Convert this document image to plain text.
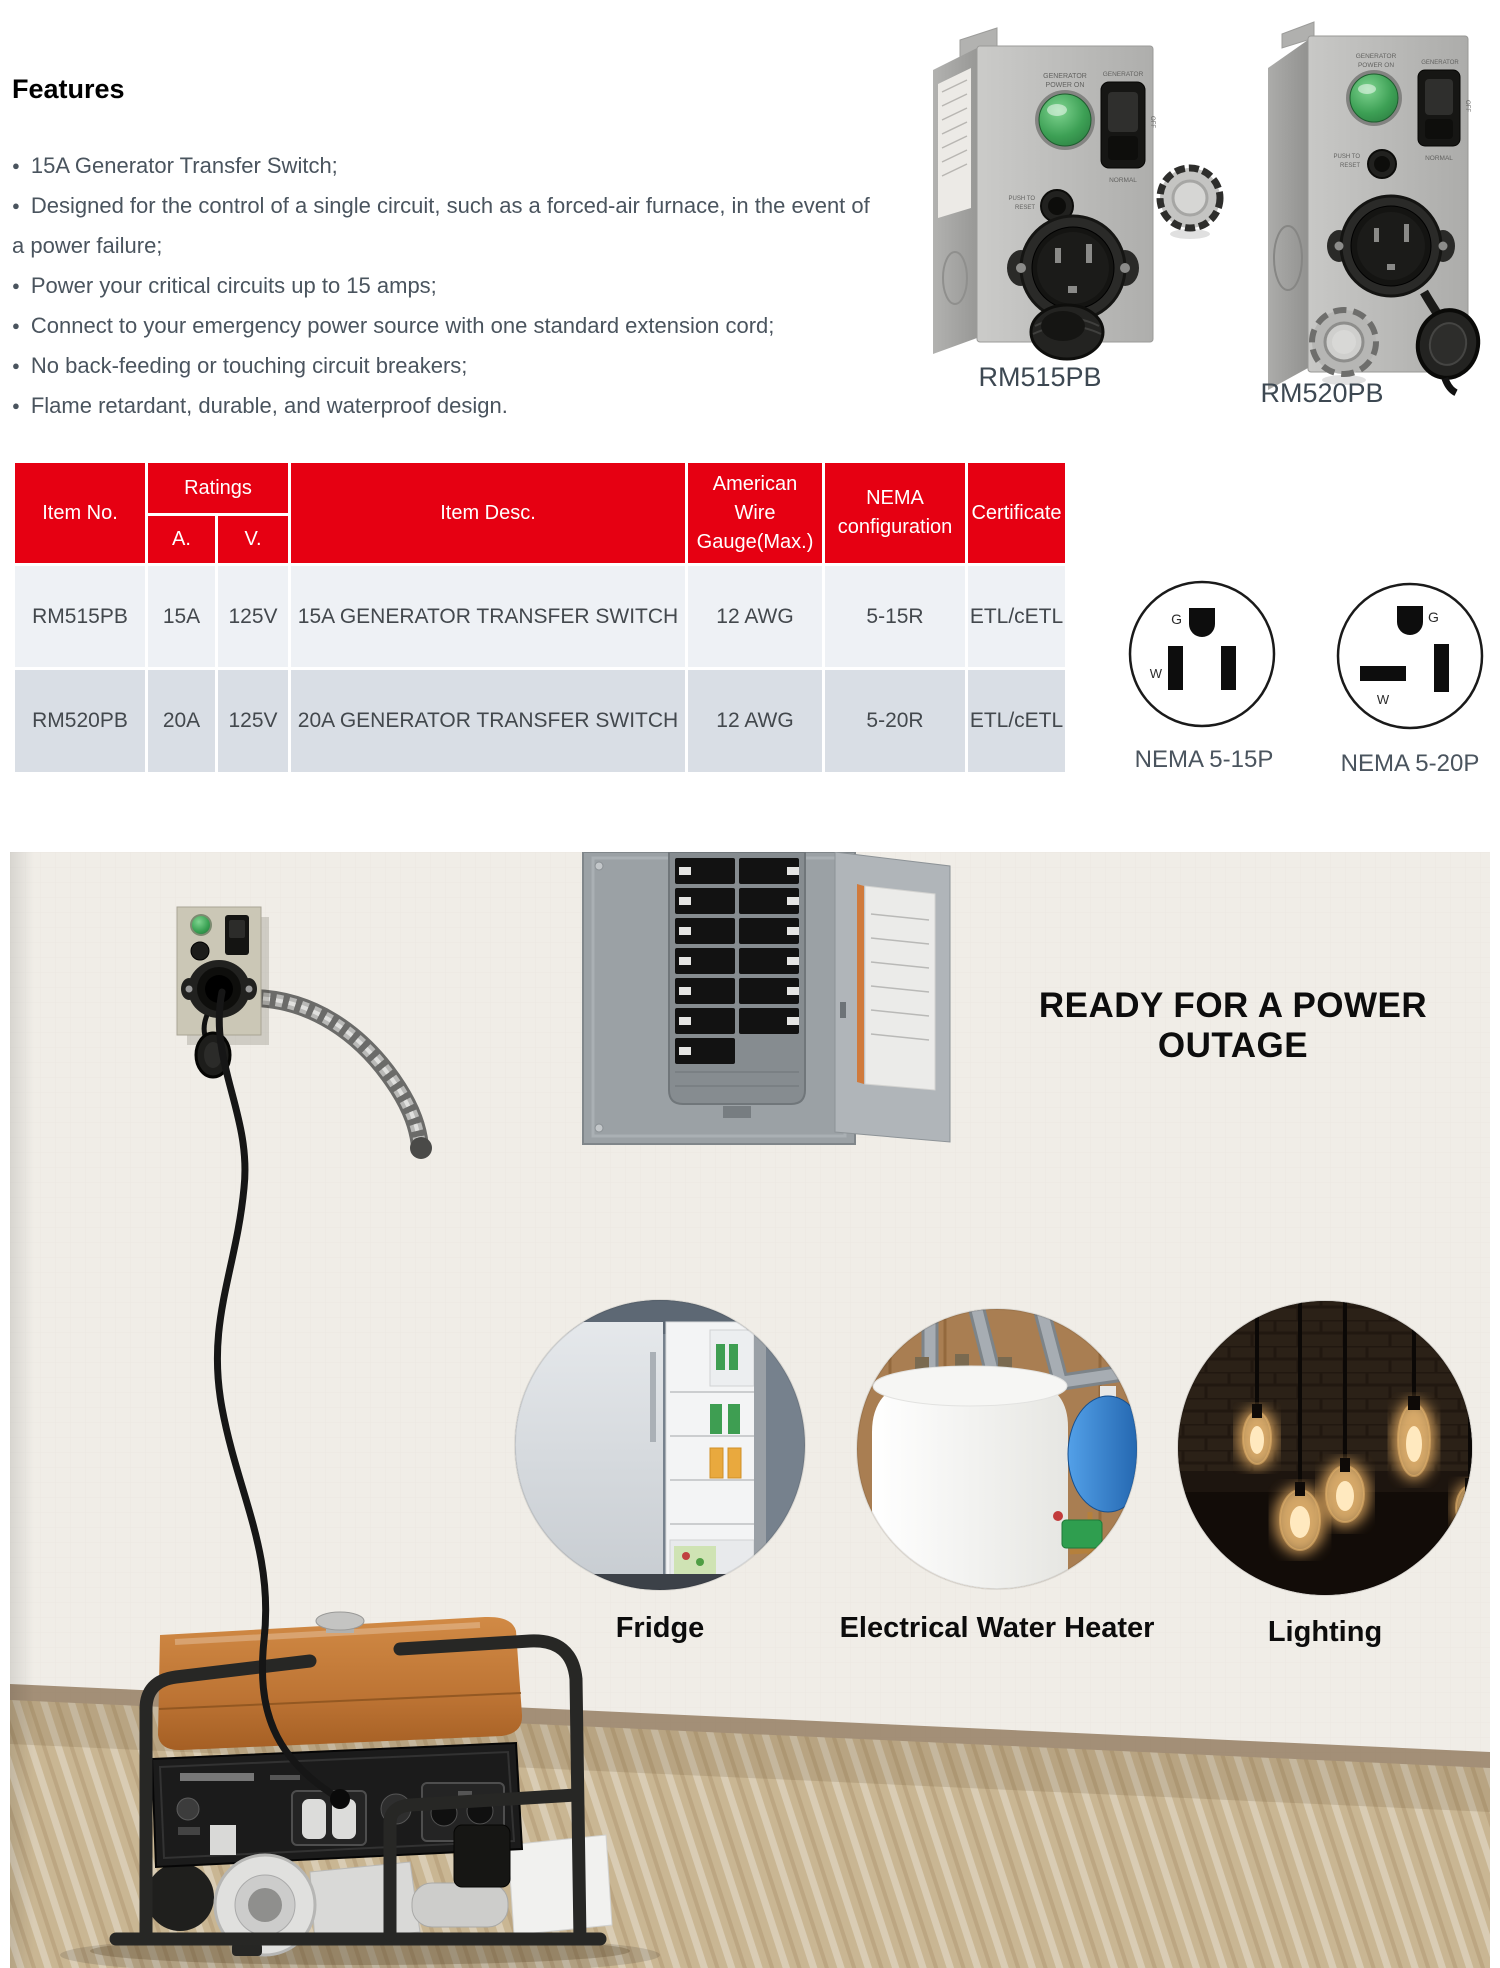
Features
● 15A Generator Transfer Switch;
● Designed for the control of a single circuit, such as a forced-air furnace, in the event of a power failure;
● Power your critical circuits up to 15 amps;
● Connect to your emergency power source with one standard extension cord;
● No back-feeding or touching circuit breakers;
● Flame retardant, durable, and waterproof design.
GENERATOR
POWER ON
GENERATOR
OFF
NORMAL
PUSH TO
RESET
RM515PB
GENERATOR
POWER ON	GENERATOR
OFF
NORMAL
PUSH TO
RESET
RM520PB
Item No.
Ratings
A.	V.
Item Desc.
American Wire Gauge(Max.)
NEMA configuration
Certificate
RM515PB	15A	125V 15A GENERATOR TRANSFER SWITCH	12 AWG	5-15R	ETL/cETL
RM520PB	20A	125V 20A GENERATOR TRANSFER SWITCH	12 AWG	5-20R	ETL/cETL
G
W
NEMA 5-15P
G
W
NEMA 5-20P
READY FOR A POWER OUTAGE
Fridge	Electrical Water Heater	Lighting
